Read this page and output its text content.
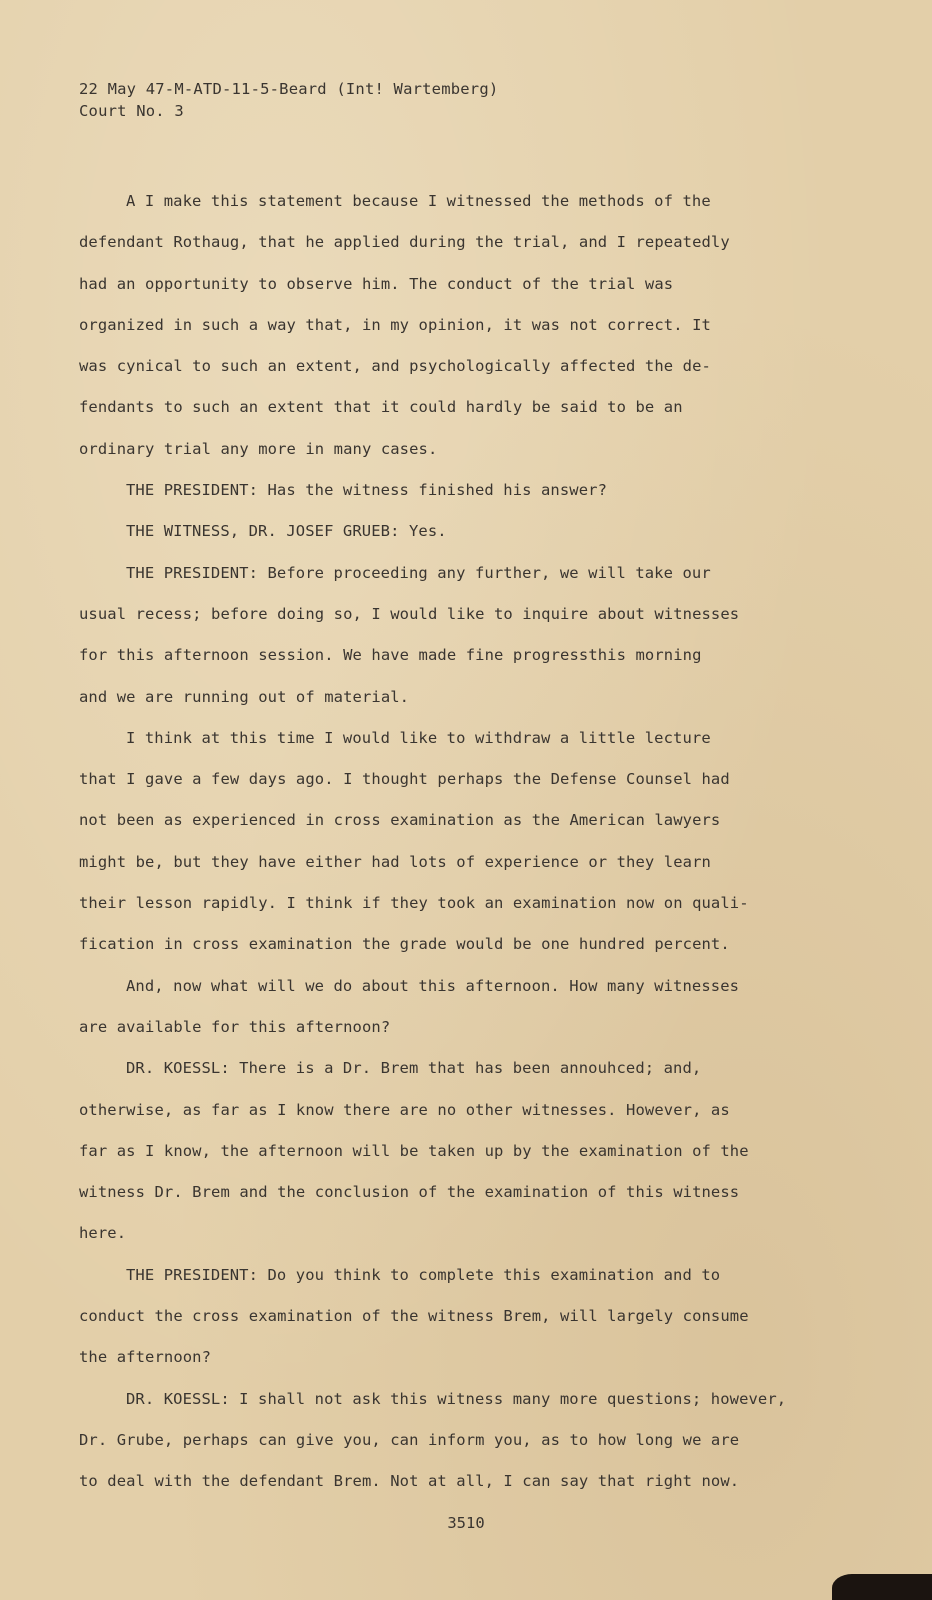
22 May 47-M-ATD-11-5-Beard (Int! Wartemberg)
Court No. 3
A I make this statement because I witnessed the methods of the
defendant Rothaug, that he applied during the trial, and I repeatedly
had an opportunity to observe him. The conduct of the trial was
organized in such a way that, in my opinion, it was not correct. It
was cynical to such an extent, and psychologically affected the de-
fendants to such an extent that it could hardly be said to be an
ordinary trial any more in many cases.
THE PRESIDENT: Has the witness finished his answer?
THE WITNESS, DR. JOSEF GRUEB: Yes.
THE PRESIDENT: Before proceeding any further, we will take our
usual recess; before doing so, I would like to inquire about witnesses
for this afternoon session. We have made fine progressthis morning
and we are running out of material.
I think at this time I would like to withdraw a little lecture
that I gave a few days ago. I thought perhaps the Defense Counsel had
not been as experienced in cross examination as the American lawyers
might be, but they have either had lots of experience or they learn
their lesson rapidly. I think if they took an examination now on quali-
fication in cross examination the grade would be one hundred percent.
And, now what will we do about this afternoon. How many witnesses
are available for this afternoon?
DR. KOESSL: There is a Dr. Brem that has been annouhced; and,
otherwise, as far as I know there are no other witnesses. However, as
far as I know, the afternoon will be taken up by the examination of the
witness Dr. Brem and the conclusion of the examination of this witness
here.
THE PRESIDENT: Do you think to complete this examination and to
conduct the cross examination of the witness Brem, will largely consume
the afternoon?
DR. KOESSL: I shall not ask this witness many more questions; however,
Dr. Grube, perhaps can give you, can inform you, as to how long we are
to deal with the defendant Brem. Not at all, I can say that right now.
3510
